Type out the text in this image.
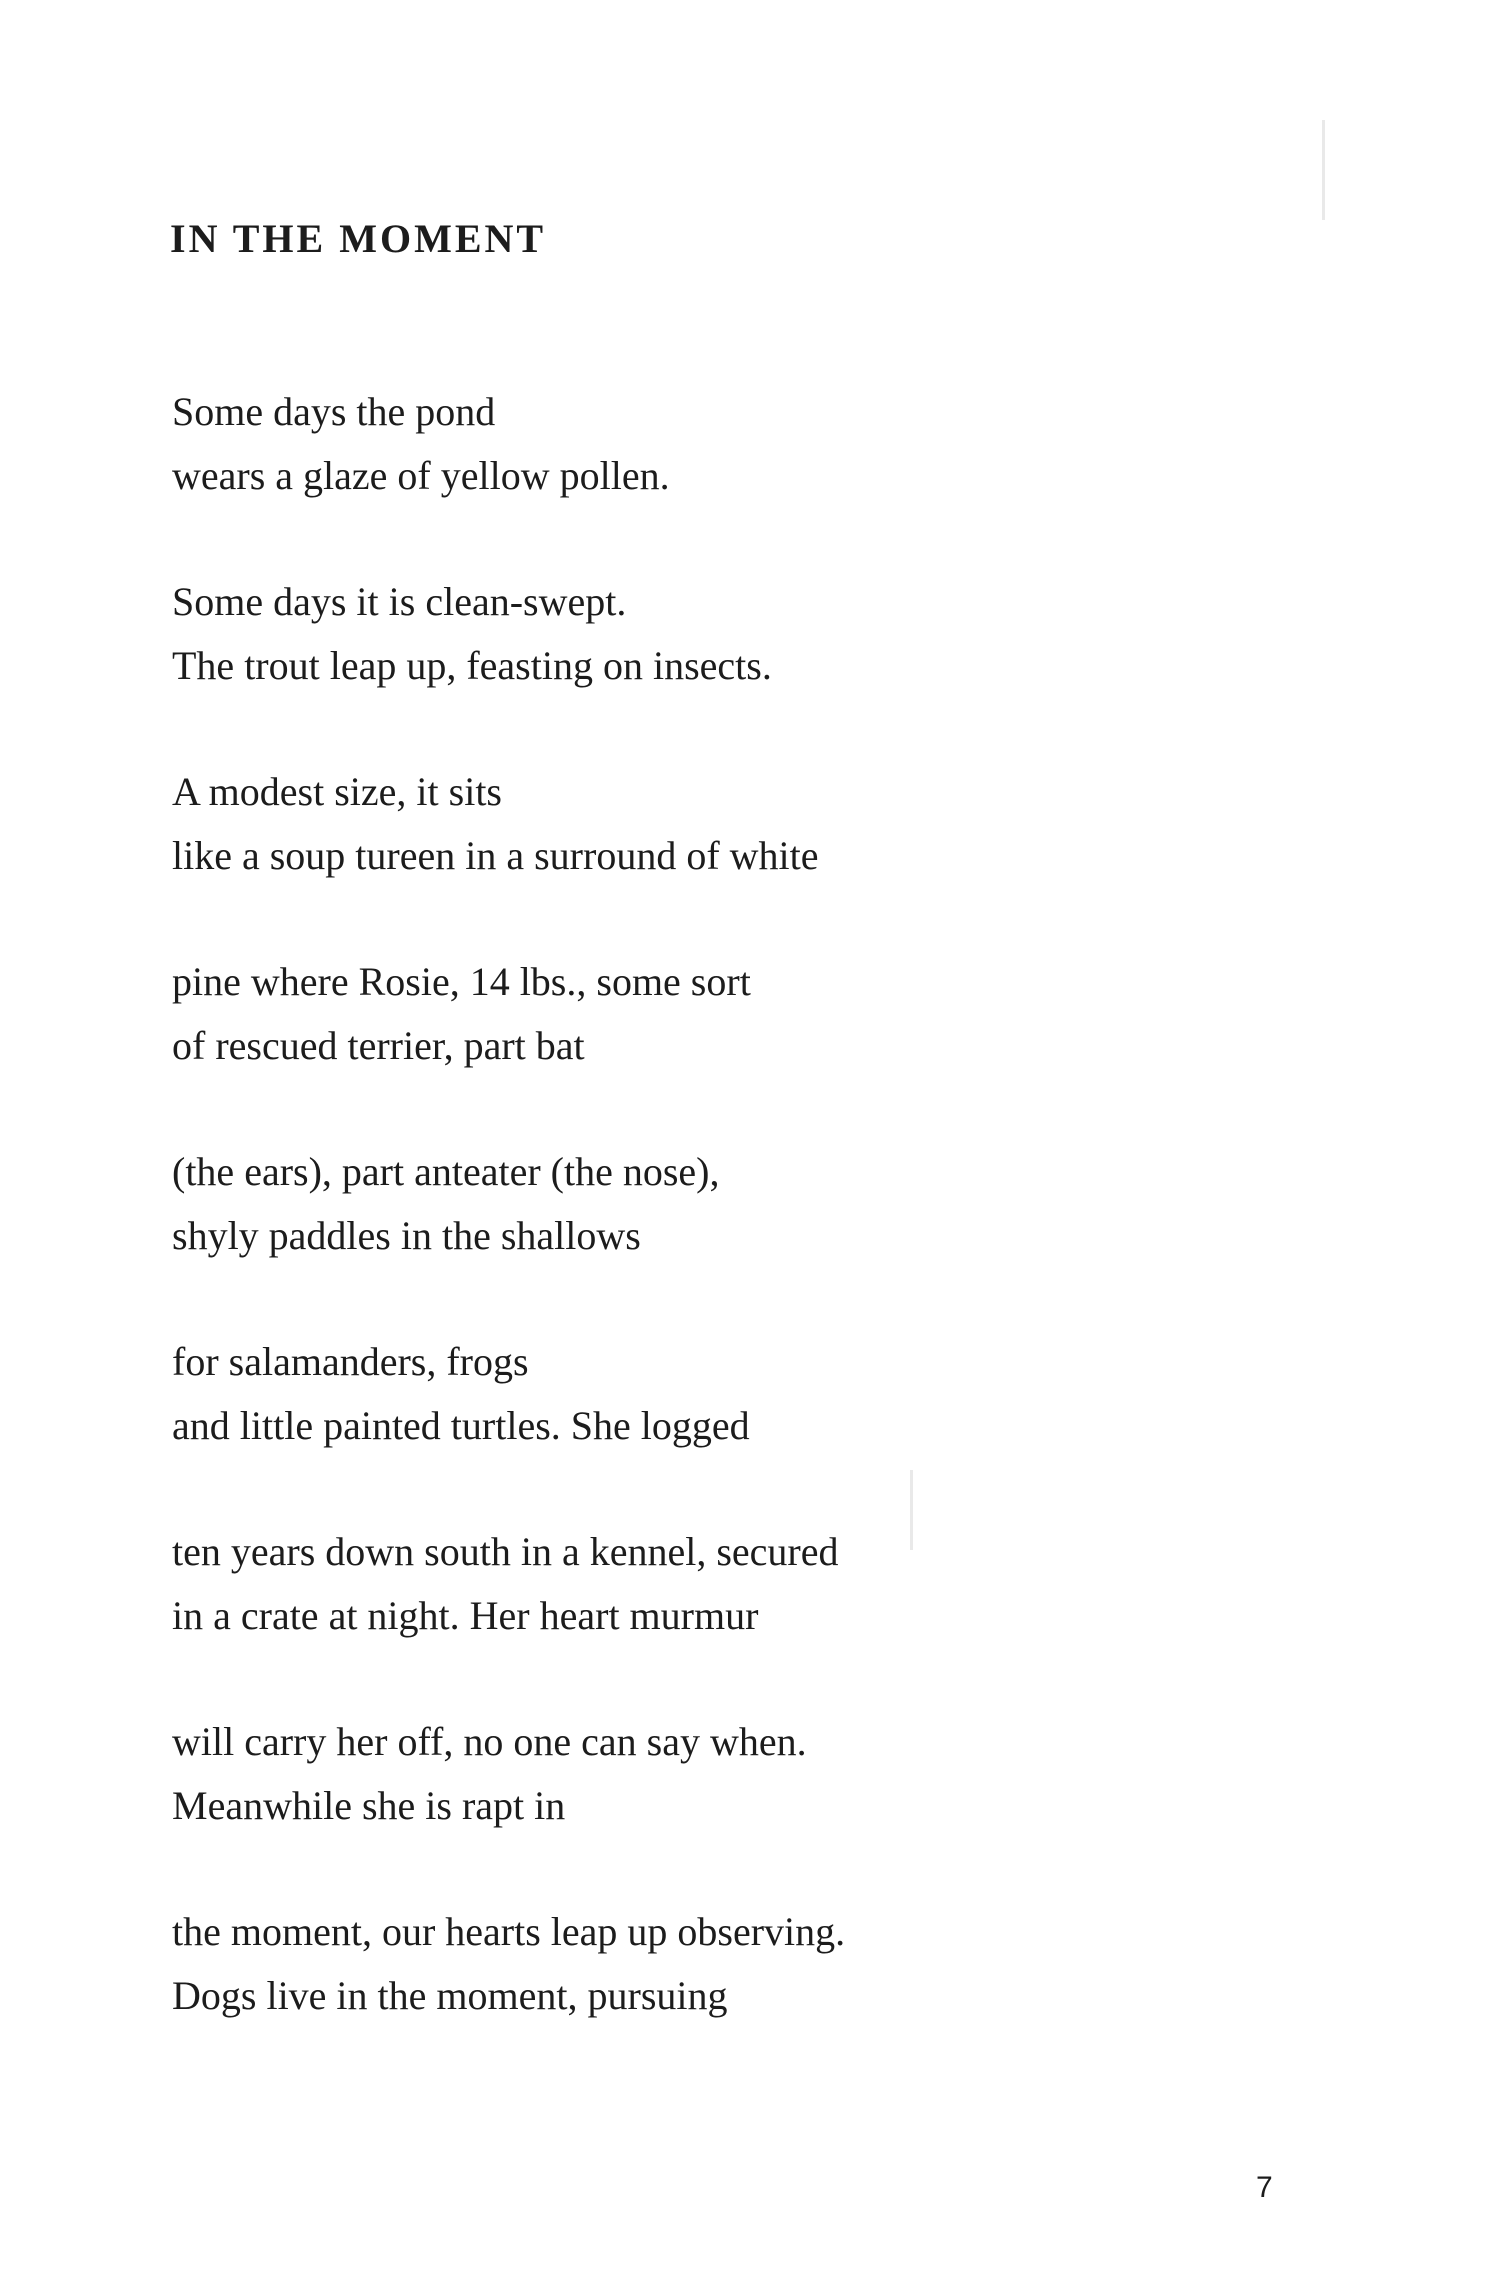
IN THE MOMENT
Some days the pond
wears a glaze of yellow pollen.
Some days it is clean-swept.
The trout leap up, feasting on insects.
A modest size, it sits
like a soup tureen in a surround of white
pine where Rosie, 14 lbs., some sort
of rescued terrier, part bat
(the ears), part anteater (the nose),
shyly paddles in the shallows
for salamanders, frogs
and little painted turtles. She logged
ten years down south in a kennel, secured
in a crate at night. Her heart murmur
will carry her off, no one can say when.
Meanwhile she is rapt in
the moment, our hearts leap up observing.
Dogs live in the moment, pursuing
7
